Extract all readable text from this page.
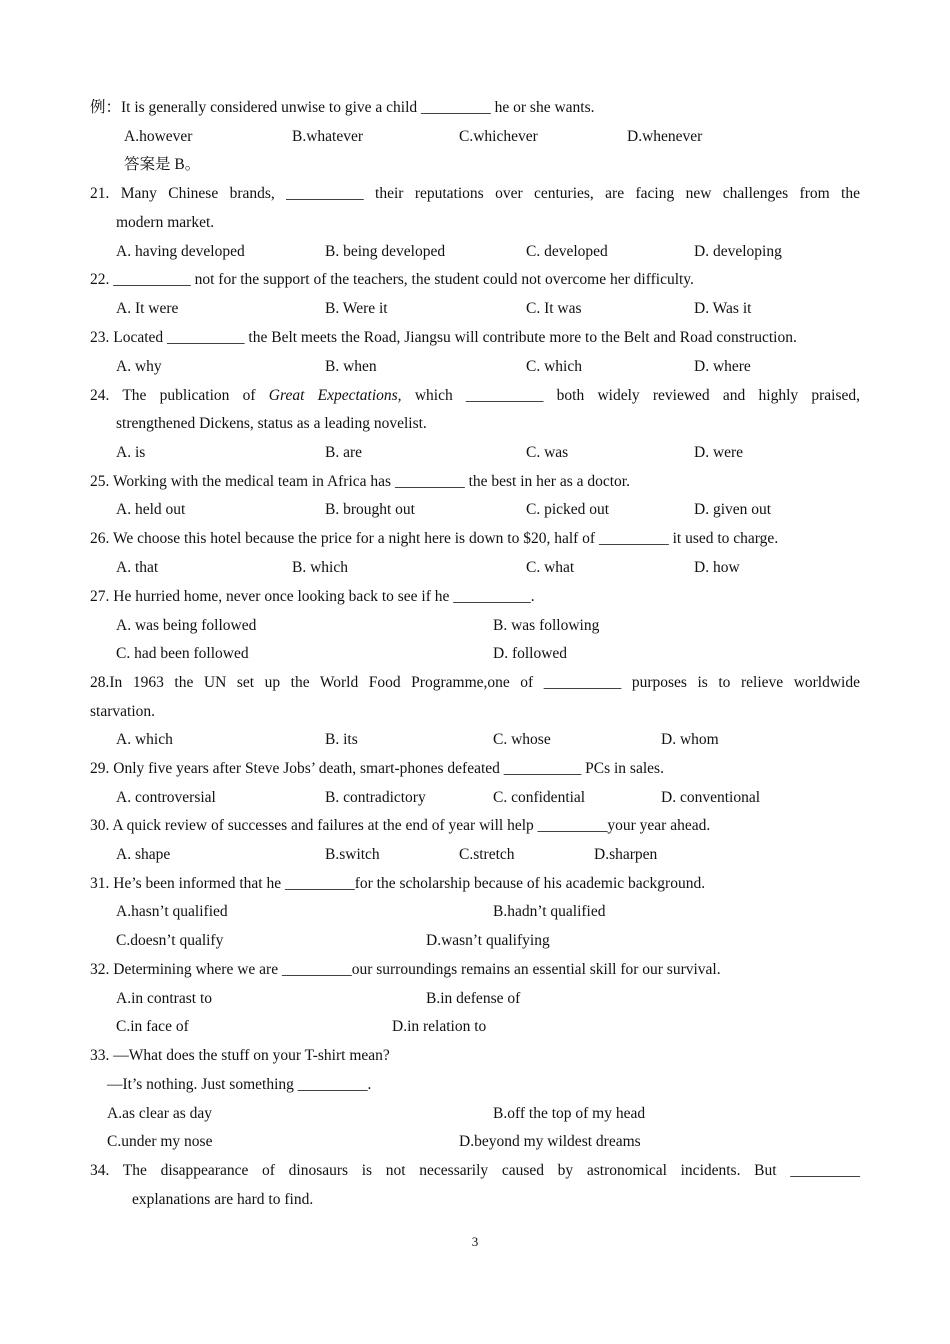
例：It is generally considered unwise to give a child _________ he or she wants.
A.however	B.whatever	C.whichever	D.whenever
答案是 B。
21. Many Chinese brands, __________ their reputations over centuries, are facing new challenges from the
modern market.
A. having developed	B. being developed	C. developed	D. developing
22. __________ not for the support of the teachers, the student could not overcome her difficulty.
A. It were	B. Were it	C. It was	D. Was it
23. Located __________ the Belt meets the Road, Jiangsu will contribute more to the Belt and Road construction.
A. why	B. when	C. which	D. where
24. The publication of Great Expectations, which __________ both widely reviewed and highly praised,
strengthened Dickens, status as a leading novelist.
A. is	B. are	C. was	D. were
25. Working with the medical team in Africa has _________ the best in her as a doctor.
A. held out	B. brought out	C. picked out	D. given out
26. We choose this hotel because the price for a night here is down to $20, half of _________ it used to charge.
A. that	B. which	C. what	D. how
27. He hurried home, never once looking back to see if he __________.
A. was being followed	B. was following
C. had been followed	D. followed
28.In 1963 the UN set up the World Food Programme,one of __________ purposes is to relieve worldwide
starvation.
A. which	B. its	C. whose	D. whom
29. Only five years after Steve Jobs’ death, smart-phones defeated __________ PCs in sales.
A. controversial	B. contradictory	C. confidential	D. conventional
30. A quick review of successes and failures at the end of year will help _________your year ahead.
A. shape	B.switch	C.stretch	D.sharpen
31. He’s been informed that he _________for the scholarship because of his academic background.
A.hasn’t qualified	B.hadn’t qualified
C.doesn’t qualify	D.wasn’t qualifying
32. Determining where we are _________our surroundings remains an essential skill for our survival.
A.in contrast to	B.in defense of
C.in face of	D.in relation to
33. —What does the stuff on your T-shirt mean?
—It’s nothing. Just something _________.
A.as clear as day	B.off the top of my head
C.under my nose	D.beyond my wildest dreams
34. The disappearance of dinosaurs is not necessarily caused by astronomical incidents. But _________
explanations are hard to find.
3
